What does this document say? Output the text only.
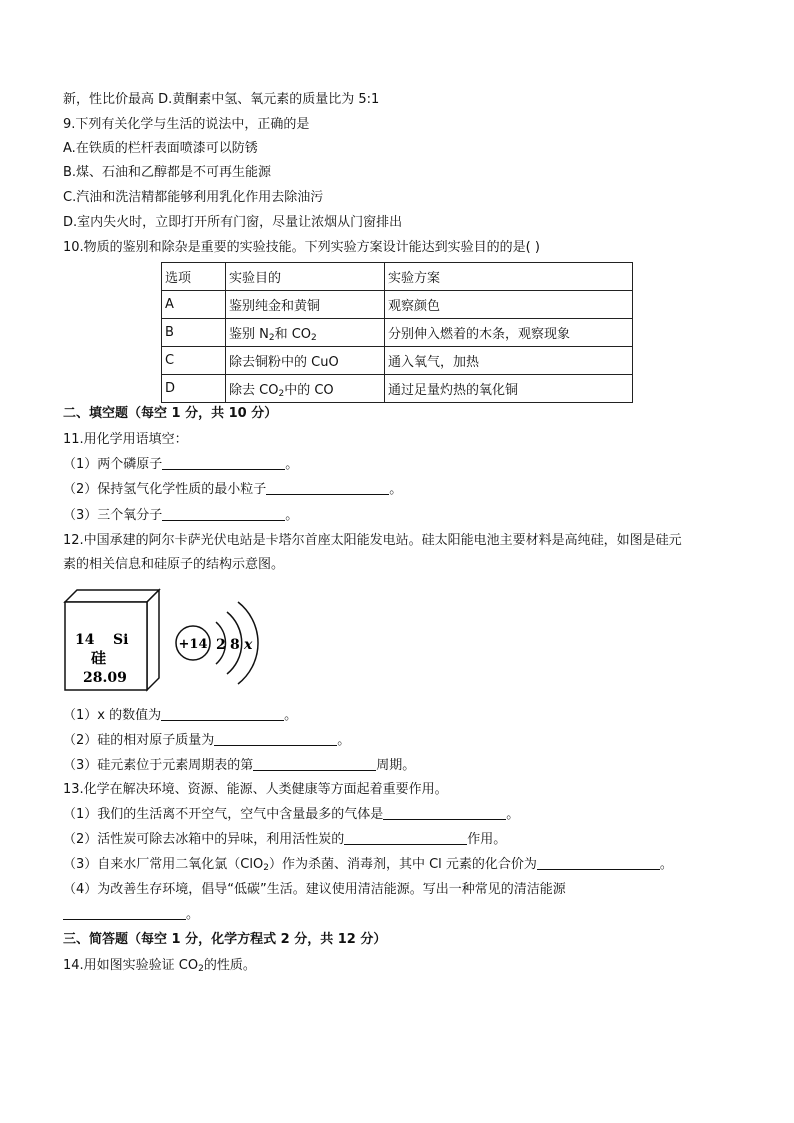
新，性比价最高 D.黄酮素中氢、氧元素的质量比为 5:1
9.下列有关化学与生活的说法中，正确的是
A.在铁质的栏杆表面喷漆可以防锈
B.煤、石油和乙醇都是不可再生能源
C.汽油和洗洁精都能够利用乳化作用去除油污
D.室内失火时，立即打开所有门窗，尽量让浓烟从门窗排出
10.物质的鉴别和除杂是重要的实验技能。下列实验方案设计能达到实验目的的是( )
选项	实验目的	实验方案
A	鉴别纯金和黄铜	观察颜色
B	鉴别 $N_2$和 $CO_2$	分别伸入燃着的木条，观察现象
C	除去铜粉中的 CuO	通入氧气，加热
D	除去 $CO_2$中的 CO	通过足量灼热的氧化铜
二、填空题（每空 1 分，共 10 分）
11.用化学用语填空：
（1）两个磷原子	。
（2）保持氢气化学性质的最小粒子	。
（3）三个氧分子	。
12.中国承建的阿尔卡萨光伏电站是卡塔尔首座太阳能发电站。硅太阳能电池主要材料是高纯硅，如图是硅元
素的相关信息和硅原子的结构示意图。
14 Si
硅
28.09
+14 2 8 x
（1）x 的数值为	。
（2）硅的相对原子质量为	。
（3）硅元素位于元素周期表的第	周期。
13.化学在解决环境、资源、能源、人类健康等方面起着重要作用。
（1）我们的生活离不开空气，空气中含量最多的气体是	。
（2）活性炭可除去冰箱中的异味，利用活性炭的	作用。
（3）自来水厂常用二氧化氯（ClO$_2$）作为杀菌、消毒剂，其中 Cl 元素的化合价为	。
（4）为改善生存环境，倡导“低碳”生活。建议使用清洁能源。写出一种常见的清洁能源
。
三、简答题（每空 1 分，化学方程式 2 分，共 12 分）
14.用如图实验验证 $CO_2$的性质。
